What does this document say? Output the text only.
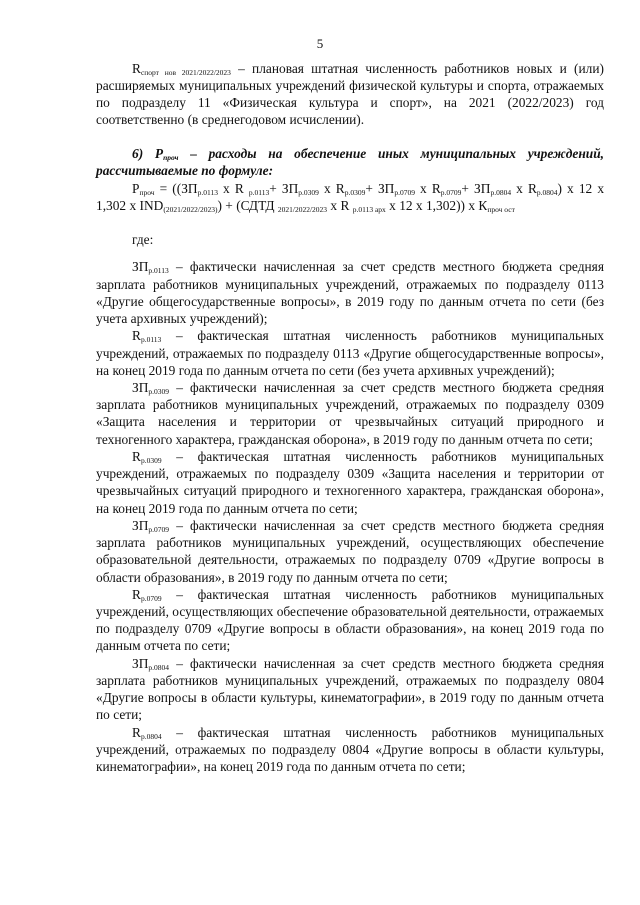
5

$R_{спорт нов 2021/2022/2023}$ – плановая штатная численность работников новых и (или) расширяемых муниципальных учреждений физической культуры и спорта, отражаемых по подразделу 11 «Физическая культура и спорт», на 2021 (2022/2023) год соответственно (в среднегодовом исчислении).

6) $Р_{проч}$ – расходы на обеспечение иных муниципальных учреждений, рассчитываемые по формуле:

$Р_{проч} = ((ЗП_{р.0113}$ х R $_{р.0113}+ ЗП_{р.0309}$ х $R_{р.0309}+ ЗП_{р.0709}$ х $R_{р.0709}+ ЗП_{р.0804}$ х $R_{р.0804}$) х 12 х 1,302 х $IND_{(2021/2022/2023)}$) + (СДТД $_{2021/2022/2023}$ х R $_{р.0113 арх}$ х 12 х 1,302)) х $К_{проч ост}$

где:

$ЗП_{р.0113}$ – фактически начисленная за счет средств местного бюджета средняя зарплата работников муниципальных учреждений, отражаемых по подразделу 0113 «Другие общегосударственные вопросы», в 2019 году по данным отчета по сети (без учета архивных учреждений);

$R_{р.0113}$ – фактическая штатная численность работников муниципальных учреждений, отражаемых по подразделу 0113 «Другие общегосударственные вопросы», на конец 2019 года по данным отчета по сети (без учета архивных учреждений);

$ЗП_{р.0309}$ – фактически начисленная за счет средств местного бюджета средняя зарплата работников муниципальных учреждений, отражаемых по подразделу 0309 «Защита населения и территории от чрезвычайных ситуаций природного и техногенного характера, гражданская оборона», в 2019 году по данным отчета по сети;

$R_{р.0309}$ – фактическая штатная численность работников муниципальных учреждений, отражаемых по подразделу 0309 «Защита населения и территории от чрезвычайных ситуаций природного и техногенного характера, гражданская оборона», на конец 2019 года по данным отчета по сети;

$ЗП_{р.0709}$ – фактически начисленная за счет средств местного бюджета средняя зарплата работников муниципальных учреждений, осуществляющих обеспечение образовательной деятельности, отражаемых по подразделу 0709 «Другие вопросы в области образования», в 2019 году по данным отчета по сети;

$R_{р.0709}$ – фактическая штатная численность работников муниципальных учреждений, осуществляющих обеспечение образовательной деятельности, отражаемых по подразделу 0709 «Другие вопросы в области образования», на конец 2019 года по данным отчета по сети;

$ЗП_{р.0804}$ – фактически начисленная за счет средств местного бюджета средняя зарплата работников муниципальных учреждений, отражаемых по подразделу 0804 «Другие вопросы в области культуры, кинематографии», в 2019 году по данным отчета по сети;

$R_{р.0804}$ – фактическая штатная численность работников муниципальных учреждений, отражаемых по подразделу 0804 «Другие вопросы в области культуры, кинематографии», на конец 2019 года по данным отчета по сети;
